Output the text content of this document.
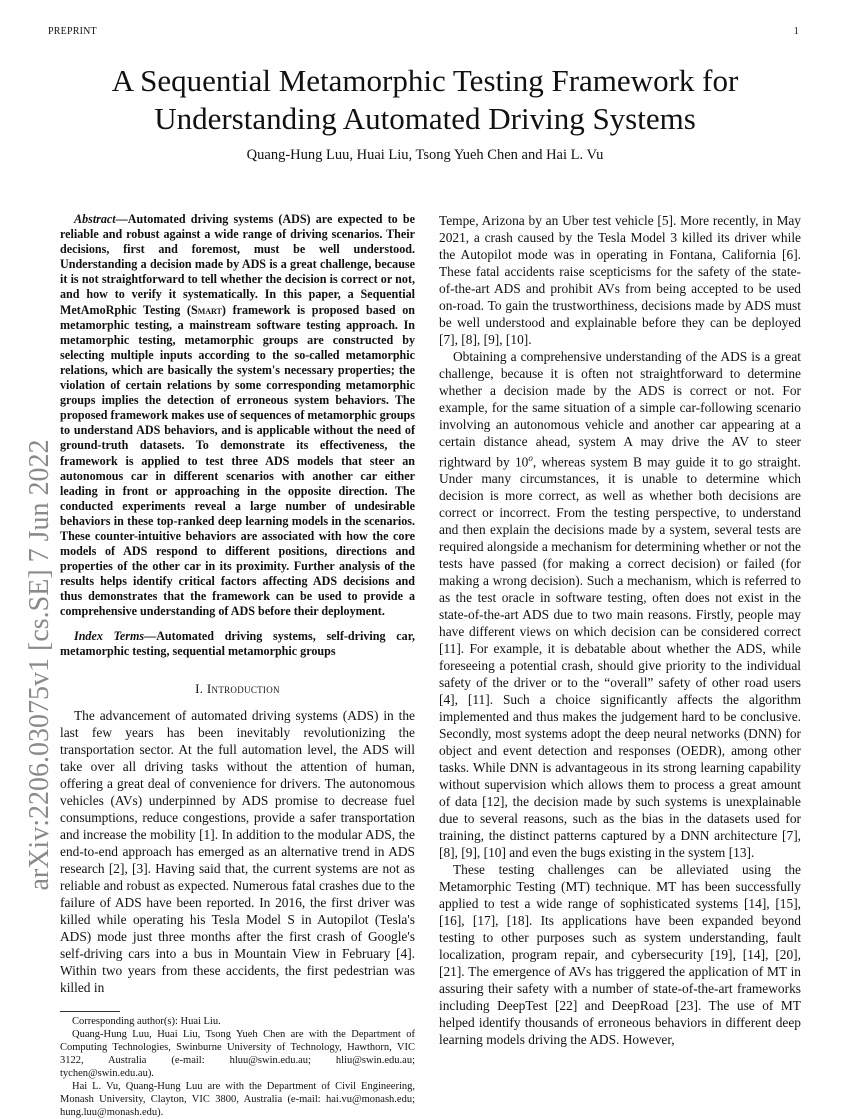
PREPRINT	1
arXiv:2206.03075v1 [cs.SE] 7 Jun 2022
A Sequential Metamorphic Testing Framework for
Understanding Automated Driving Systems
Quang-Hung Luu, Huai Liu, Tsong Yueh Chen and Hai L. Vu

Abstract—Automated driving systems (ADS) are expected to be reliable and robust against a wide range of driving scenarios. Their decisions, first and foremost, must be well understood. Understanding a decision made by ADS is a great challenge, because it is not straightforward to tell whether the decision is correct or not, and how to verify it systematically. In this paper, a Sequential MetAmoRphic Testing (Smart) framework is proposed based on metamorphic testing, a mainstream software testing approach. In metamorphic testing, metamorphic groups are constructed by selecting multiple inputs according to the so-called metamorphic relations, which are basically the system's necessary properties; the violation of certain relations by some corresponding metamorphic groups implies the detection of erroneous system behaviors. The proposed framework makes use of sequences of metamorphic groups to understand ADS behaviors, and is applicable without the need of ground-truth datasets. To demonstrate its effectiveness, the framework is applied to test three ADS models that steer an autonomous car in different scenarios with another car either leading in front or approaching in the opposite direction. The conducted experiments reveal a large number of undesirable behaviors in these top-ranked deep learning models in the scenarios. These counter-intuitive behaviors are associated with how the core models of ADS respond to different positions, directions and properties of the other car in its proximity. Further analysis of the results helps identify critical factors affecting ADS decisions and thus demonstrates that the framework can be used to provide a comprehensive understanding of ADS before their deployment.

Index Terms—Automated driving systems, self-driving car, metamorphic testing, sequential metamorphic groups

I. Introduction

The advancement of automated driving systems (ADS) in the last few years has been inevitably revolutionizing the transportation sector. At the full automation level, the ADS will take over all driving tasks without the attention of human, offering a great deal of convenience for drivers. The autonomous vehicles (AVs) underpinned by ADS promise to decrease fuel consumptions, reduce congestions, provide a safer transportation and increase the mobility [1]. In addition to the modular ADS, the end-to-end approach has emerged as an alternative trend in ADS research [2], [3]. Having said that, the current systems are not as reliable and robust as expected. Numerous fatal crashes due to the failure of ADS have been reported. In 2016, the first driver was killed while operating his Tesla Model S in Autopilot (Tesla's ADS) mode just three months after the first crash of Google's self-driving cars into a bus in Mountain View in February [4]. Within two years from these accidents, the first pedestrian was killed in

Corresponding author(s): Huai Liu.

Quang-Hung Luu, Huai Liu, Tsong Yueh Chen are with the Department of Computing Technologies, Swinburne University of Technology, Hawthorn, VIC 3122, Australia (e-mail: hluu@swin.edu.au; hliu@swin.edu.au; tychen@swin.edu.au).

Hai L. Vu, Quang-Hung Luu are with the Department of Civil Engineering, Monash University, Clayton, VIC 3800, Australia (e-mail: hai.vu@monash.edu; hung.luu@monash.edu).

Tempe, Arizona by an Uber test vehicle [5]. More recently, in May 2021, a crash caused by the Tesla Model 3 killed its driver while the Autopilot mode was in operating in Fontana, California [6]. These fatal accidents raise scepticisms for the safety of the state-of-the-art ADS and prohibit AVs from being accepted to be used on-road. To gain the trustworthiness, decisions made by ADS must be well understood and explainable before they can be deployed [7], [8], [9], [10].

Obtaining a comprehensive understanding of the ADS is a great challenge, because it is often not straightforward to determine whether a decision made by the ADS is correct or not. For example, for the same situation of a simple car-following scenario involving an autonomous vehicle and another car appearing at a certain distance ahead, system A may drive the AV to steer rightward by 10$^o$, whereas system B may guide it to go straight. Under many circumstances, it is unable to determine which decision is more correct, as well as whether both decisions are correct or incorrect. From the testing perspective, to understand and then explain the decisions made by a system, several tests are required alongside a mechanism for determining whether or not the tests have passed (for making a correct decision) or failed (for making a wrong decision). Such a mechanism, which is referred to as the test oracle in software testing, often does not exist in the state-of-the-art ADS due to two main reasons. Firstly, people may have different views on which decision can be considered correct [11]. For example, it is debatable about whether the ADS, while foreseeing a potential crash, should give priority to the individual safety of the driver or to the “overall” safety of other road users [4], [11]. Such a choice significantly affects the algorithm implemented and thus makes the judgement hard to be conclusive. Secondly, most systems adopt the deep neural networks (DNN) for object and event detection and responses (OEDR), among other tasks. While DNN is advantageous in its strong learning capability without supervision which allows them to process a great amount of data [12], the decision made by such systems is unexplainable due to several reasons, such as the bias in the datasets used for training, the distinct patterns captured by a DNN architecture [7], [8], [9], [10] and even the bugs existing in the system [13].

These testing challenges can be alleviated using the Metamorphic Testing (MT) technique. MT has been successfully applied to test a wide range of sophisticated systems [14], [15], [16], [17], [18]. Its applications have been expanded beyond testing to other purposes such as system understanding, fault localization, program repair, and cybersecurity [19], [14], [20], [21]. The emergence of AVs has triggered the application of MT in assuring their safety with a number of state-of-the-art frameworks including DeepTest [22] and DeepRoad [23]. The use of MT helped identify thousands of erroneous behaviors in different deep learning models driving the ADS. However,
